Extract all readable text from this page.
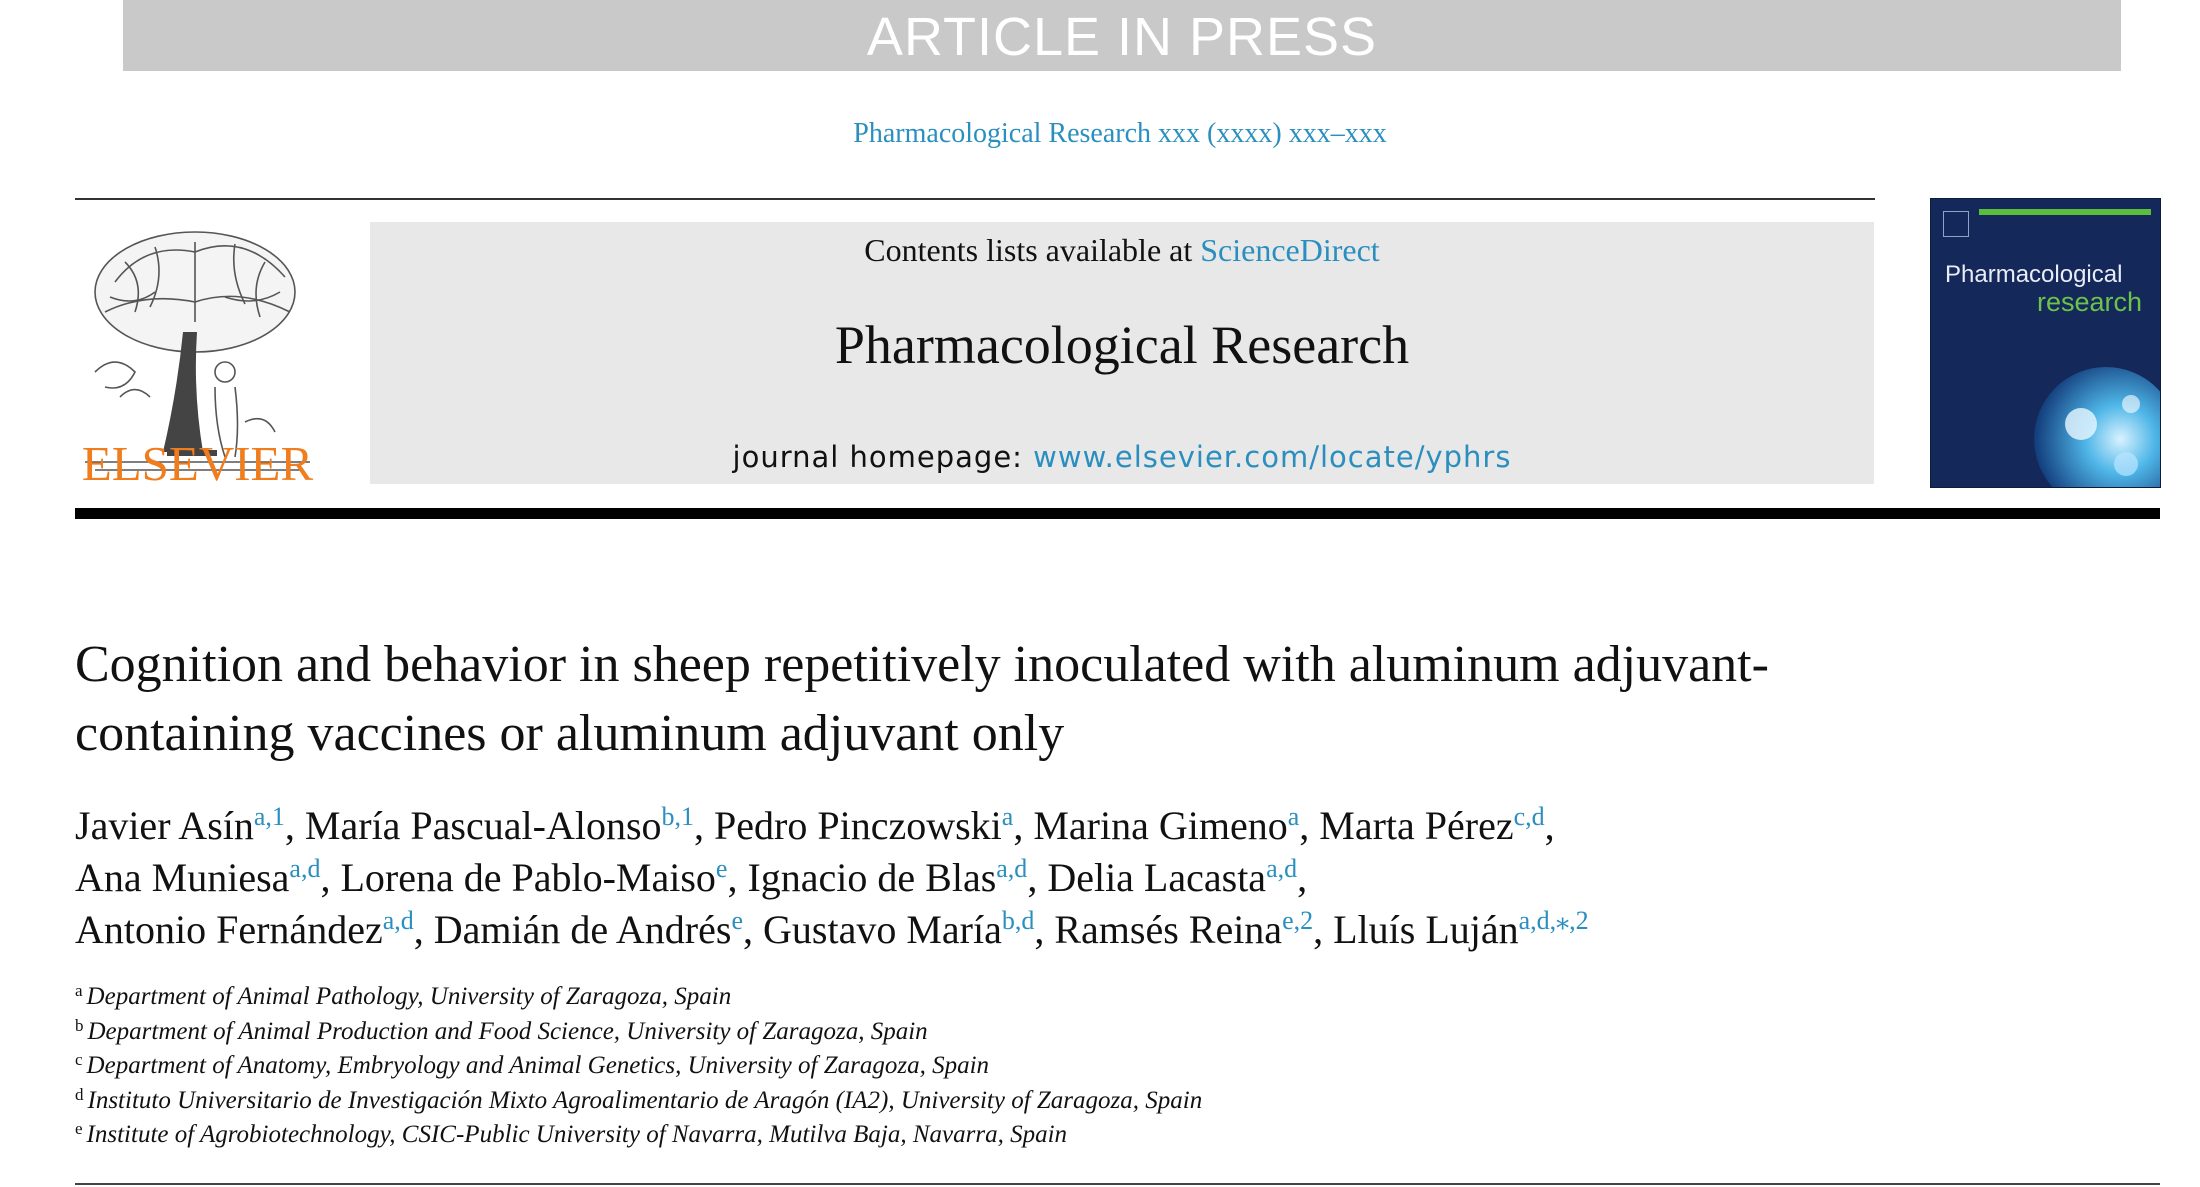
ARTICLE IN PRESS
Pharmacological Research xxx (xxxx) xxx–xxx
ELSEVIER
Contents lists available at ScienceDirect
Pharmacological Research
journal homepage: www.elsevier.com/locate/yphrs
Pharmacological
research
Cognition and behavior in sheep repetitively inoculated with aluminum adjuvant-containing vaccines or aluminum adjuvant only
Javier Asín$^{a,1}$, María Pascual-Alonso$^{b,1}$, Pedro Pinczowski$^a$, Marina Gimeno$^a$, Marta Pérez$^{c,d}$,
Ana Muniesa$^{a,d}$, Lorena de Pablo-Maiso$^e$, Ignacio de Blas$^{a,d}$, Delia Lacasta$^{a,d}$,
Antonio Fernández$^{a,d}$, Damián de Andrés$^e$, Gustavo María$^{b,d}$, Ramsés Reina$^{e,2}$, Lluís Luján$^{a,d,⁎,2}$
$^a$ Department of Animal Pathology, University of Zaragoza, Spain
$^b$ Department of Animal Production and Food Science, University of Zaragoza, Spain
$^c$ Department of Anatomy, Embryology and Animal Genetics, University of Zaragoza, Spain
$^d$ Instituto Universitario de Investigación Mixto Agroalimentario de Aragón (IA2), University of Zaragoza, Spain
$^e$ Institute of Agrobiotechnology, CSIC-Public University of Navarra, Mutilva Baja, Navarra, Spain
